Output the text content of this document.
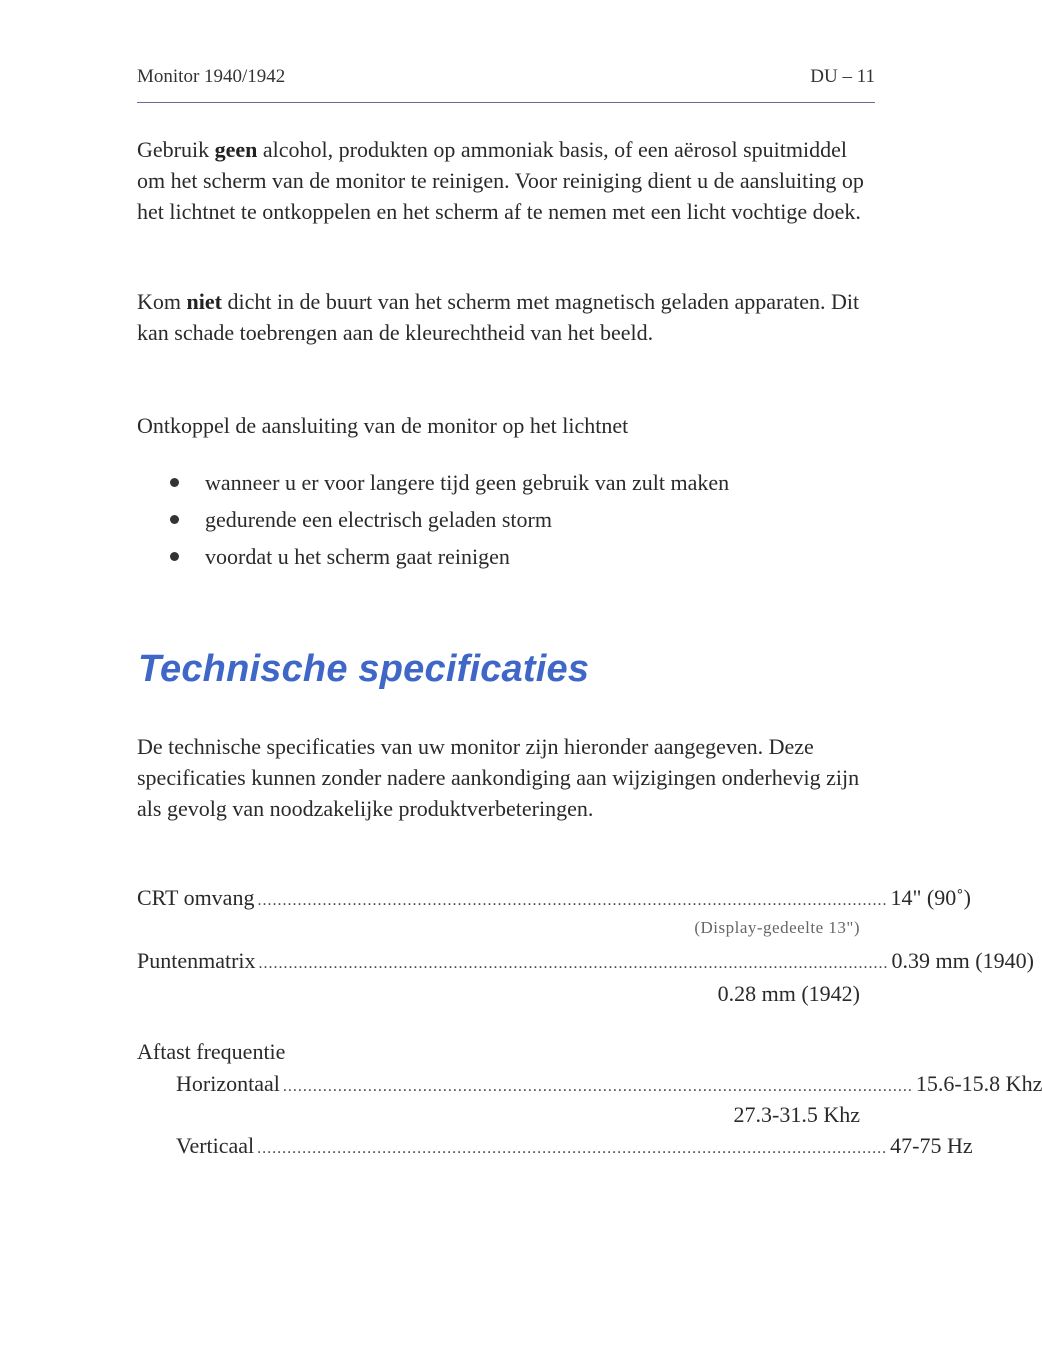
Monitor 1940/1942	DU – 11

Gebruik geen alcohol, produkten op ammoniak basis, of een aërosol spuitmiddel om het scherm van de monitor te reinigen. Voor reiniging dient u de aansluiting op het lichtnet te ontkoppelen en het scherm af te nemen met een licht vochtige doek.

Kom niet dicht in de buurt van het scherm met magnetisch geladen apparaten. Dit kan schade toebrengen aan de kleurechtheid van het beeld.

Ontkoppel de aansluiting van de monitor op het lichtnet

wanneer u er voor langere tijd geen gebruik van zult maken
gedurende een electrisch geladen storm
voordat u het scherm gaat reinigen
Technische specificaties

De technische specificaties van uw monitor zijn hieronder aangegeven. Deze specificaties kunnen zonder nadere aankondiging aan wijzigingen onderhevig zijn als gevolg van noodzakelijke produktverbeteringen.

CRT omvang .............................................................................................................................. 14" (90˚)
(Display-gedeelte 13")
Puntenmatrix .............................................................................................................................. 0.39 mm (1940)
0.28 mm (1942)
Aftast frequentie
Horizontaal .............................................................................................................................. 15.6-15.8 Khz
27.3-31.5 Khz
Verticaal .............................................................................................................................. 47-75 Hz
